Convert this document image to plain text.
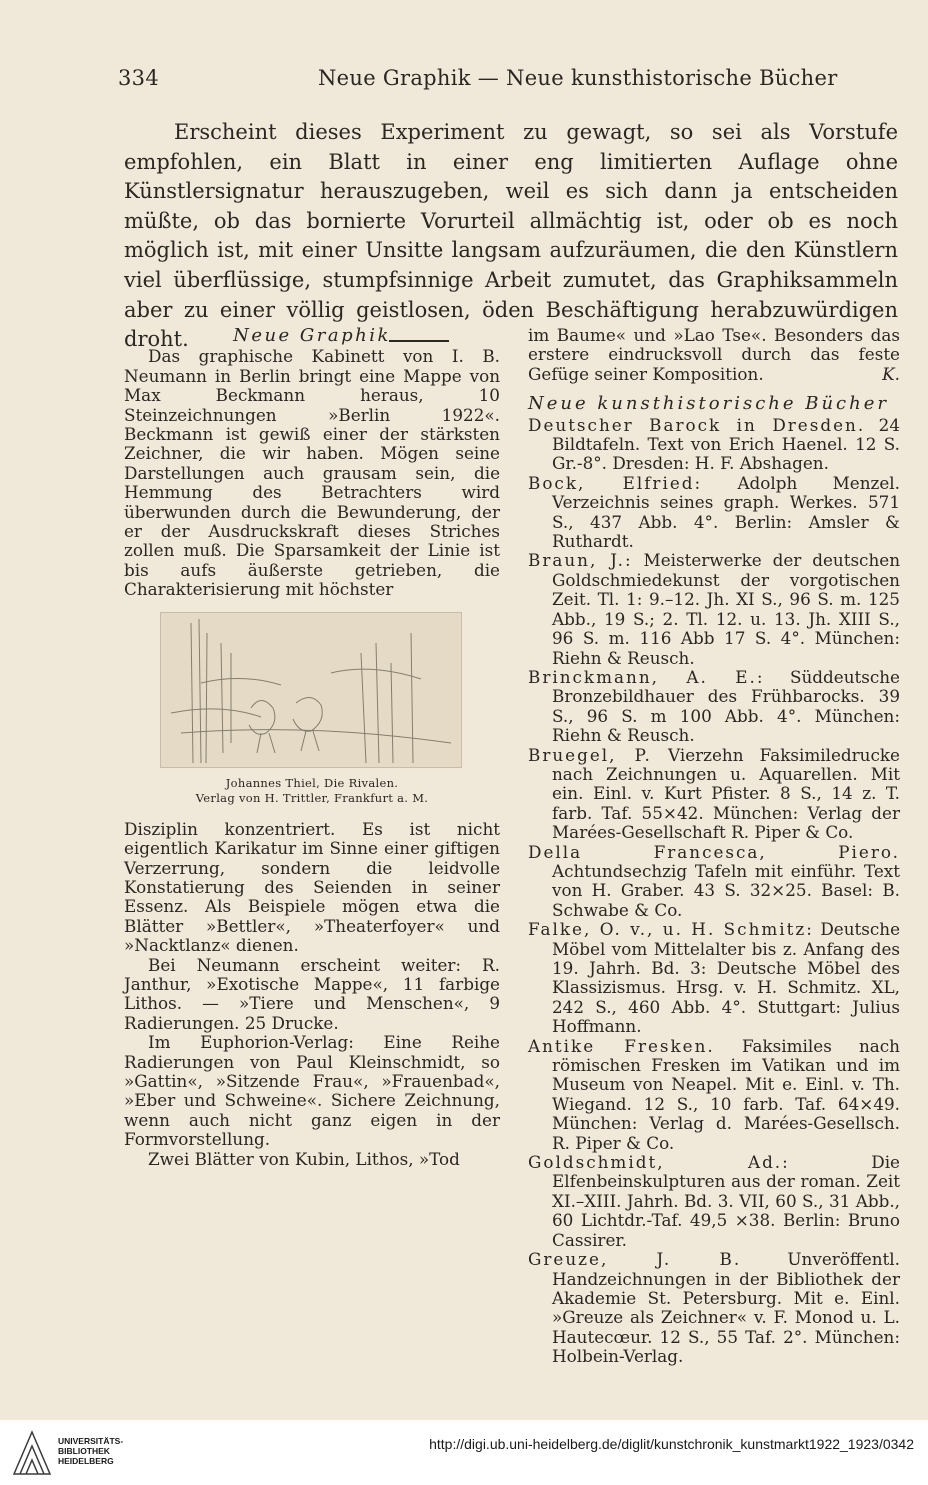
334	Neue Graphik — Neue kunsthistorische Bücher

Erscheint dieses Experiment zu gewagt, so sei als Vorstufe empfohlen, ein Blatt in einer eng limitierten Auflage ohne Künstlersignatur herauszugeben, weil es sich dann ja entscheiden müßte, ob das bornierte Vorurteil allmächtig ist, oder ob es noch möglich ist, mit einer Unsitte langsam aufzuräumen, die den Künstlern viel überflüssige, stumpfsinnige Arbeit zumutet, das Graphiksammeln aber zu einer völlig geistlosen, öden Beschäftigung herabzuwürdigen droht.	Neue Graphik

Das graphische Kabinett von I. B. Neumann in Berlin bringt eine Mappe von Max Beckmann heraus, 10 Steinzeichnungen »Berlin 1922«. Beckmann ist gewiß einer der stärksten Zeichner, die wir haben. Mögen seine Darstellungen auch grausam sein, die Hemmung des Betrachters wird überwunden durch die Bewunderung, der er der Ausdruckskraft dieses Striches zollen muß. Die Sparsamkeit der Linie ist bis aufs äußerste getrieben, die Charakterisierung mit höchster

Johannes Thiel, Die Rivalen.
Verlag von H. Trittler, Frankfurt a. M.

Disziplin konzentriert. Es ist nicht eigentlich Karikatur im Sinne einer giftigen Verzerrung, sondern die leidvolle Konstatierung des Seienden in seiner Essenz. Als Beispiele mögen etwa die Blätter »Bettler«, »Theaterfoyer« und »Nacktlanz« dienen.

Bei Neumann erscheint weiter: R. Janthur, »Exotische Mappe«, 11 farbige Lithos. — »Tiere und Menschen«, 9 Radierungen. 25 Drucke.

Im Euphorion-Verlag: Eine Reihe Radierungen von Paul Kleinschmidt, so »Gattin«, »Sitzende Frau«, »Frauenbad«, »Eber und Schweine«. Sichere Zeichnung, wenn auch nicht ganz eigen in der Formvorstellung.

Zwei Blätter von Kubin, Lithos, »Tod

im Baume« und »Lao Tse«. Besonders das erstere eindrucksvoll durch das feste Gefüge seiner Komposition.	K.

Neue kunsthistorische Bücher

Deutscher Barock in Dresden. 24 Bildtafeln. Text von Erich Haenel. 12 S. Gr.-8°. Dresden: H. F. Abshagen.

Bock, Elfried: Adolph Menzel. Verzeichnis seines graph. Werkes. 571 S., 437 Abb. 4°. Berlin: Amsler & Ruthardt.

Braun, J.: Meisterwerke der deutschen Goldschmiedekunst der vorgotischen Zeit. Tl. 1: 9.–12. Jh. XI S., 96 S. m. 125 Abb., 19 S.; 2. Tl. 12. u. 13. Jh. XIII S., 96 S. m. 116 Abb 17 S. 4°. München: Riehn & Reusch.

Brinckmann, A. E.: Süddeutsche Bronzebildhauer des Frühbarocks. 39 S., 96 S. m 100 Abb. 4°. München: Riehn & Reusch.

Bruegel, P. Vierzehn Faksimiledrucke nach Zeichnungen u. Aquarellen. Mit ein. Einl. v. Kurt Pfister. 8 S., 14 z. T. farb. Taf. 55×42. München: Verlag der Marées-Gesellschaft R. Piper & Co.

Della Francesca, Piero. Achtundsechzig Tafeln mit einführ. Text von H. Graber. 43 S. 32×25. Basel: B. Schwabe & Co.

Falke, O. v., u. H. Schmitz: Deutsche Möbel vom Mittelalter bis z. Anfang des 19. Jahrh. Bd. 3: Deutsche Möbel des Klassizismus. Hrsg. v. H. Schmitz. XL, 242 S., 460 Abb. 4°. Stuttgart: Julius Hoffmann.

Antike Fresken. Faksimiles nach römischen Fresken im Vatikan und im Museum von Neapel. Mit e. Einl. v. Th. Wiegand. 12 S., 10 farb. Taf. 64×49. München: Verlag d. Marées-Gesellsch. R. Piper & Co.

Goldschmidt, Ad.:	Die Elfenbeinskulpturen aus der roman. Zeit XI.–XIII. Jahrh. Bd. 3. VII, 60 S., 31 Abb., 60 Lichtdr.-Taf. 49,5 ×38. Berlin: Bruno Cassirer.

Greuze, J. B.	Unveröffentl. Handzeichnungen in der Bibliothek der Akademie St. Petersburg. Mit e. Einl. »Greuze als Zeichner« v. F. Monod u. L. Hautecœur. 12 S., 55 Taf. 2°. München: Holbein-Verlag.

UNIVERSITÄTS-
BIBLIOTHEK
HEIDELBERG
http://digi.ub.uni-heidelberg.de/diglit/kunstchronik_kunstmarkt1922_1923/0342
